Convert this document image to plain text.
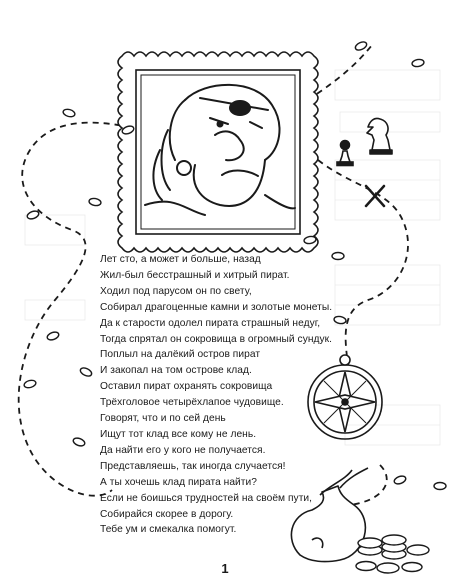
Лет сто, а может и больше, назад
Жил-был бесстрашный и хитрый пират.
Ходил под парусом он по свету,
Собирал драгоценные камни и золотые монеты.
Да к старости одолел пирата страшный недуг,
Тогда спрятал он сокровища в огромный сундук.
Поплыл на далёкий остров пират
И закопал на том острове клад.
Оставил пират охранять сокровища
Трёхголовое четырёхлапое чудовище.
Говорят, что и по сей день
Ищут тот клад все кому не лень.
Да найти его у кого не получается.
Представляешь, так иногда случается!
А ты хочешь клад пирата найти?
Если не боишься трудностей на своём пути,
Собирайся скорее в дорогу.
Тебе ум и смекалка помогут.
1
